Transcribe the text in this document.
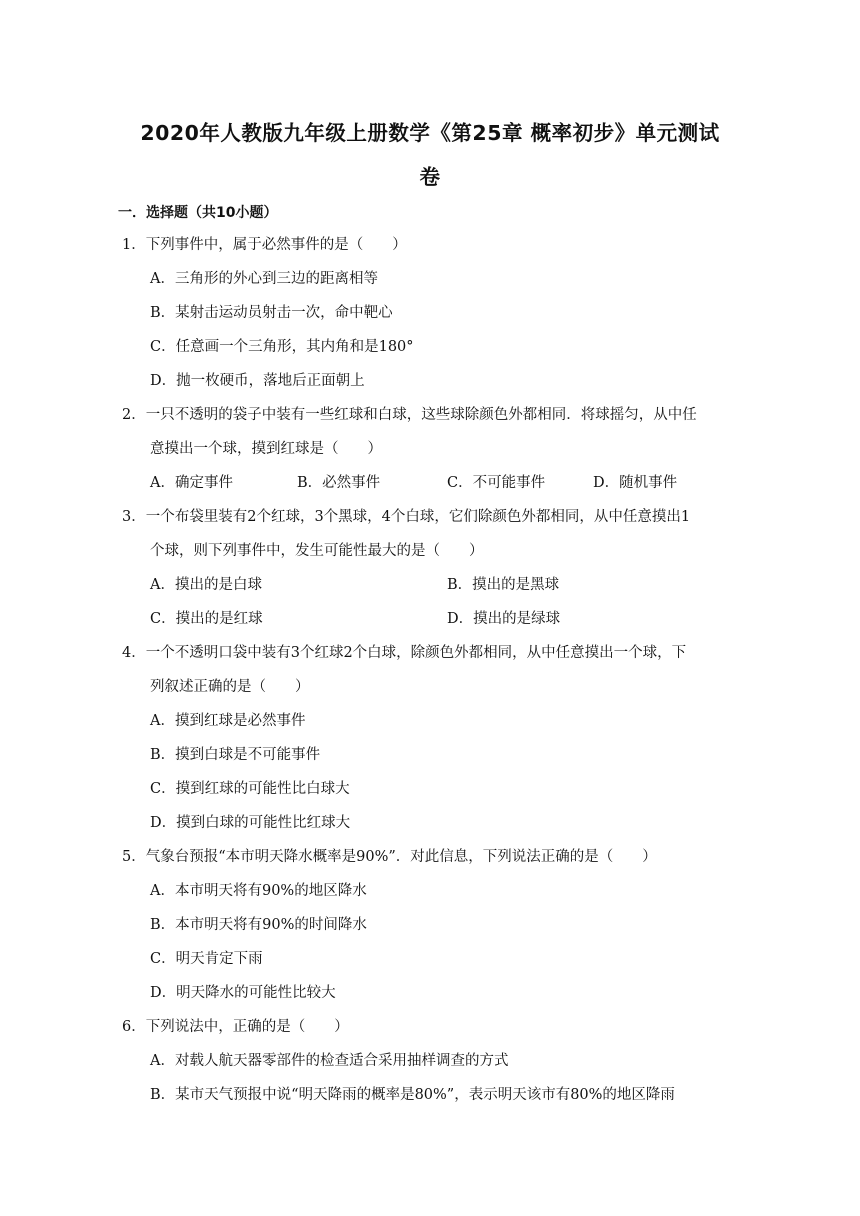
2020年人教版九年级上册数学《第25章 概率初步》单元测试
卷
一．选择题（共10小题）
1．下列事件中，属于必然事件的是（　　）
A．三角形的外心到三边的距离相等
B．某射击运动员射击一次，命中靶心
C．任意画一个三角形，其内角和是180°
D．抛一枚硬币，落地后正面朝上
2．一只不透明的袋子中装有一些红球和白球，这些球除颜色外都相同．将球摇匀，从中任
意摸出一个球，摸到红球是（　　）
A．确定事件	B．必然事件	C．不可能事件	D．随机事件
3．一个布袋里装有2个红球，3个黑球，4个白球，它们除颜色外都相同，从中任意摸出1
个球，则下列事件中，发生可能性最大的是（　　）
A．摸出的是白球	B．摸出的是黑球
C．摸出的是红球	D．摸出的是绿球
4．一个不透明口袋中装有3个红球2个白球，除颜色外都相同，从中任意摸出一个球，下
列叙述正确的是（　　）
A．摸到红球是必然事件
B．摸到白球是不可能事件
C．摸到红球的可能性比白球大
D．摸到白球的可能性比红球大
5．气象台预报“本市明天降水概率是90%”．对此信息，下列说法正确的是（　　）
A．本市明天将有90%的地区降水
B．本市明天将有90%的时间降水
C．明天肯定下雨
D．明天降水的可能性比较大
6．下列说法中，正确的是（　　）
A．对载人航天器零部件的检查适合采用抽样调查的方式
B．某市天气预报中说“明天降雨的概率是80%”，表示明天该市有80%的地区降雨
